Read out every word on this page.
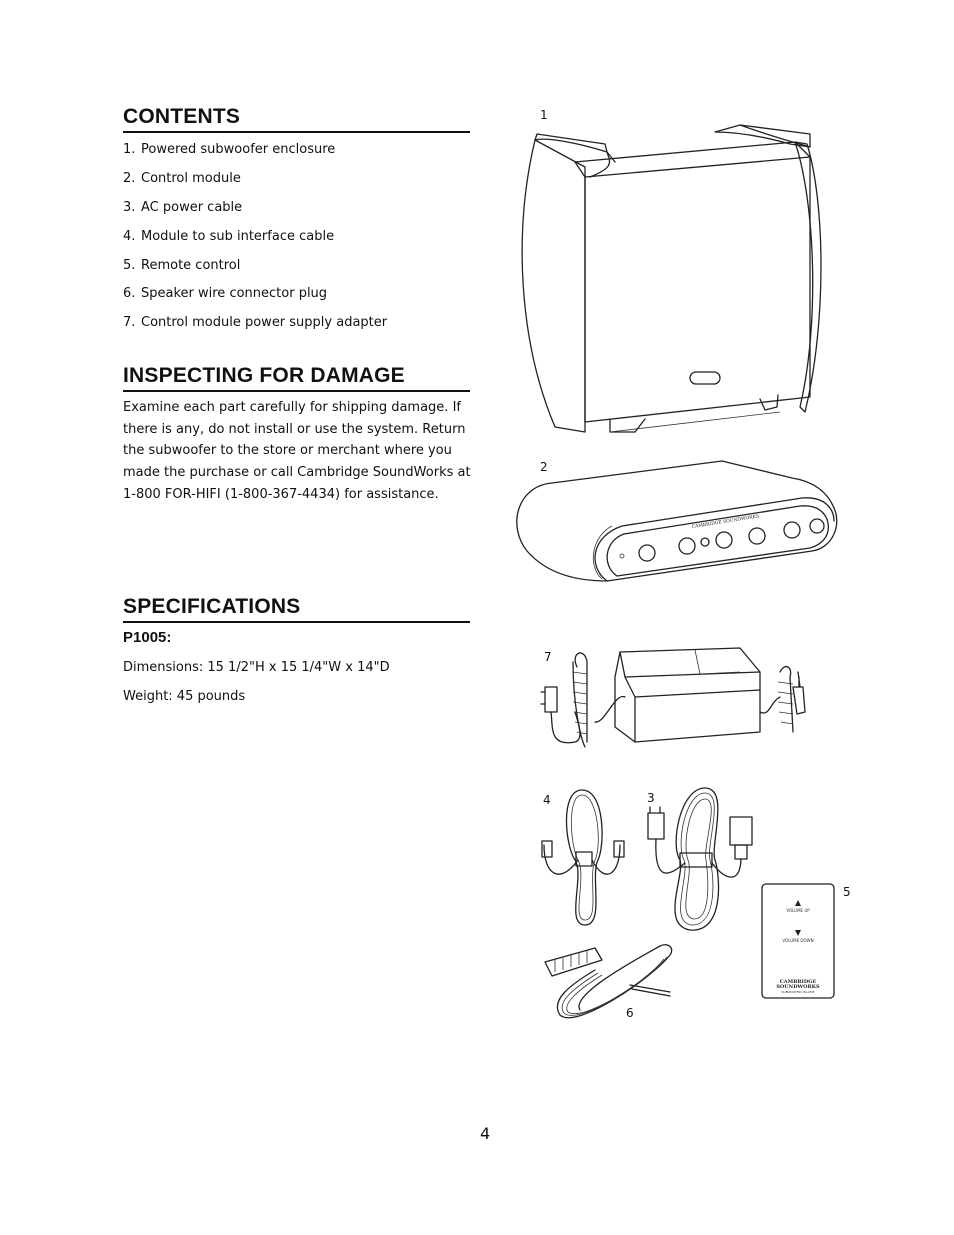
CONTENTS
1. Powered subwoofer enclosure
2. Control module
3. AC power cable
4. Module to sub interface cable
5. Remote control
6. Speaker wire connector plug
7. Control module power supply adapter
INSPECTING FOR DAMAGE
Examine each part carefully for shipping damage. If
there is any, do not install or use the system. Return
the subwoofer to the store or merchant where you
made the purchase or call Cambridge SoundWorks at
1-800 FOR-HIFI (1-800-367-4434) for assistance.
SPECIFICATIONS
P1005:
Dimensions: 15 1/2"H x 15 1/4"W x 14"D
Weight: 45 pounds
1
2
7
4	3
5
6
CAMBRIDGE SOUNDWORKS
VOLUME UP
VOLUME DOWN
CAMBRIDGE
SOUNDWORKS
SUBWOOFER VOLUME
4
